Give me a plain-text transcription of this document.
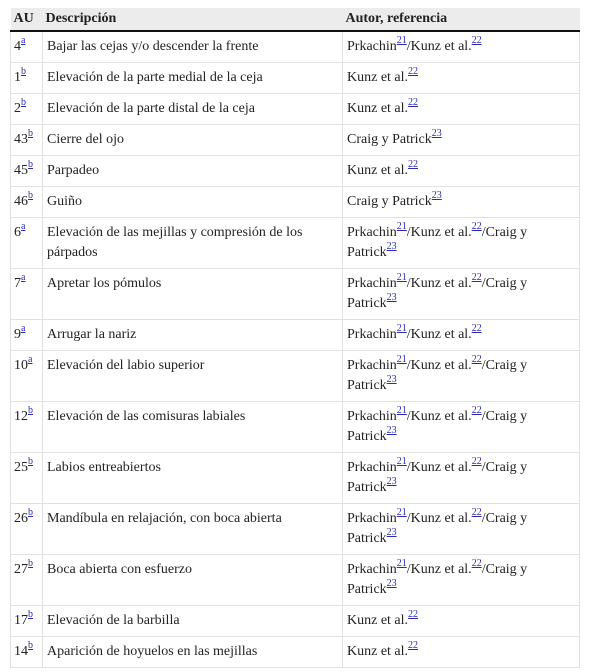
AU	Descripción	Autor, referencia
4$^a$	Bajar las cejas y/o descender la frente	Prkachin$^{21}$/Kunz et al.$^{22}$
1$^b$	Elevación de la parte medial de la ceja	Kunz et al.$^{22}$
2$^b$	Elevación de la parte distal de la ceja	Kunz et al.$^{22}$
43$^b$	Cierre del ojo	Craig y Patrick$^{23}$
45$^b$	Parpadeo	Kunz et al.$^{22}$
46$^b$	Guiño	Craig y Patrick$^{23}$
6$^a$	Elevación de las mejillas y compresión de los párpados	Prkachin$^{21}$/Kunz et al.$^{22}$/Craig y Patrick$^{23}$
7$^a$	Apretar los pómulos	Prkachin$^{21}$/Kunz et al.$^{22}$/Craig y Patrick$^{23}$
9$^a$	Arrugar la nariz	Prkachin$^{21}$/Kunz et al.$^{22}$
10$^a$	Elevación del labio superior	Prkachin$^{21}$/Kunz et al.$^{22}$/Craig y Patrick$^{23}$
12$^b$	Elevación de las comisuras labiales	Prkachin$^{21}$/Kunz et al.$^{22}$/Craig y Patrick$^{23}$
25$^b$	Labios entreabiertos	Prkachin$^{21}$/Kunz et al.$^{22}$/Craig y Patrick$^{23}$
26$^b$	Mandíbula en relajación, con boca abierta	Prkachin$^{21}$/Kunz et al.$^{22}$/Craig y Patrick$^{23}$
27$^b$	Boca abierta con esfuerzo	Prkachin$^{21}$/Kunz et al.$^{22}$/Craig y Patrick$^{23}$
17$^b$	Elevación de la barbilla	Kunz et al.$^{22}$
14$^b$	Aparición de hoyuelos en las mejillas	Kunz et al.$^{22}$
